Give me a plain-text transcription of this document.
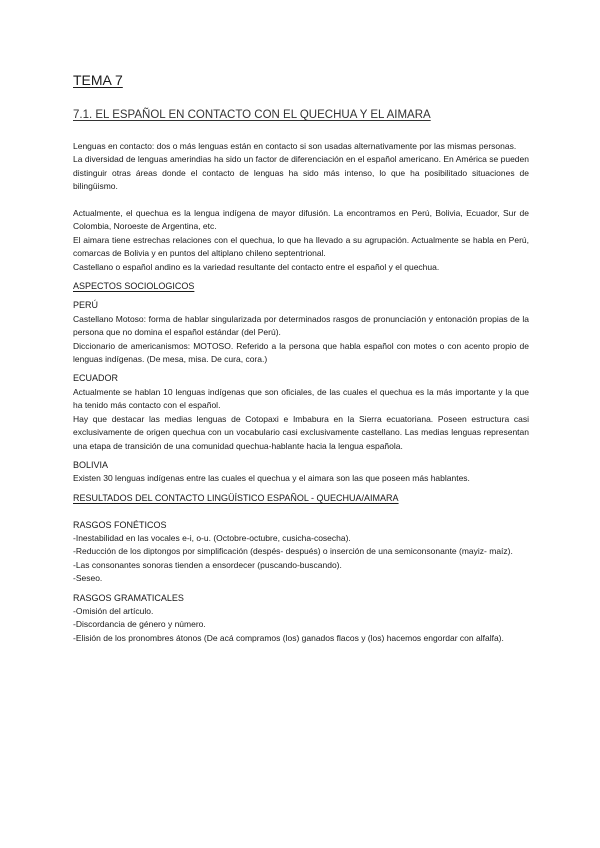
TEMA 7
7.1. EL ESPAÑOL EN CONTACTO CON EL QUECHUA Y EL AIMARA

Lenguas en contacto: dos o más lenguas están en contacto si son usadas alternativamente por las mismas personas.

La diversidad de lenguas amerindias ha sido un factor de diferenciación en el español americano. En América se pueden distinguir otras áreas donde el contacto de lenguas ha sido más intenso, lo que ha posibilitado situaciones de bilingüismo.

Actualmente, el quechua es la lengua indígena de mayor difusión. La encontramos en Perú, Bolivia, Ecuador, Sur de Colombia, Noroeste de Argentina, etc.

El aimara tiene estrechas relaciones con el quechua, lo que ha llevado a su agrupación. Actualmente se habla en Perú, comarcas de Bolivia y en puntos del altiplano chileno septentrional.

Castellano o español andino es la variedad resultante del contacto entre el español y el quechua.

ASPECTOS SOCIOLOGICOS

PERÚ

Castellano Motoso: forma de hablar singularizada por determinados rasgos de pronunciación y entonación propias de la persona que no domina el español estándar (del Perú).

Diccionario de americanismos: MOTOSO. Referido a la persona que habla español con motes o con acento propio de lenguas indígenas. (De mesa, misa. De cura, cora.)

ECUADOR

Actualmente se hablan 10 lenguas indígenas que son oficiales, de las cuales el quechua es la más importante y la que ha tenido más contacto con el español.

Hay que destacar las medias lenguas de Cotopaxi e Imbabura en la Sierra ecuatoriana. Poseen estructura casi exclusivamente de origen quechua con un vocabulario casi exclusivamente castellano. Las medias lenguas representan una etapa de transición de una comunidad quechua-hablante hacia la lengua española.

BOLIVIA

Existen 30 lenguas indígenas entre las cuales el quechua y el aimara son las que poseen más hablantes.

RESULTADOS DEL CONTACTO LINGÜÍSTICO ESPAÑOL - QUECHUA/AIMARA

RASGOS FONÉTICOS

-Inestabilidad en las vocales e-i, o-u. (Octobre-octubre, cusicha-cosecha).

-Reducción de los diptongos por simplificación (despés- después) o inserción de una semiconsonante (mayiz- maíz).

-Las consonantes sonoras tienden a ensordecer (puscando-buscando).

-Seseo.

RASGOS GRAMATICALES

-Omisión del artículo.

-Discordancia de género y número.

-Elisión de los pronombres átonos (De acá compramos (los) ganados flacos y (los) hacemos engordar con alfalfa).
